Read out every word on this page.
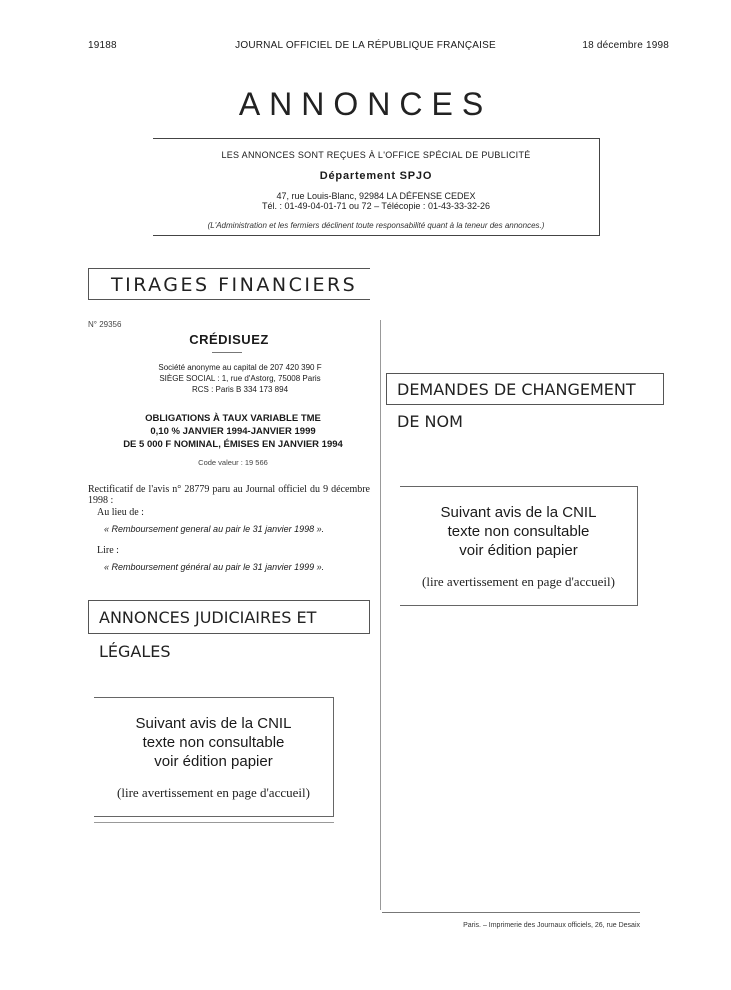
19188	JOURNAL OFFICIEL DE LA RÉPUBLIQUE FRANÇAISE	18 décembre 1998
ANNONCES
LES ANNONCES SONT REÇUES À L'OFFICE SPÉCIAL DE PUBLICITÉ
Département SPJO
47, rue Louis-Blanc, 92984 LA DÉFENSE CEDEX
Tél. : 01-49-04-01-71 ou 72 – Télécopie : 01-43-33-32-26
(L'Administration et les fermiers déclinent toute responsabilité quant à la teneur des annonces.)
TIRAGES FINANCIERS
N° 29356
CRÉDISUEZ
Société anonyme au capital de 207 420 390 F
SIÈGE SOCIAL : 1, rue d'Astorg, 75008 Paris
RCS : Paris B 334 173 894
OBLIGATIONS À TAUX VARIABLE TME
0,10 % JANVIER 1994-JANVIER 1999
DE 5 000 F NOMINAL, ÉMISES EN JANVIER 1994
Code valeur : 19 566
Rectificatif de l'avis n° 28779 paru au Journal officiel du 9 décembre 1998 :
Au lieu de :
« Remboursement general au pair le 31 janvier 1998 ».
Lire :
« Remboursement général au pair le 31 janvier 1999 ».
ANNONCES JUDICIAIRES ET LÉGALES
Suivant avis de la CNIL
texte non consultable
voir édition papier
(lire avertissement en page d'accueil)
DEMANDES DE CHANGEMENT DE NOM
Suivant avis de la CNIL
texte non consultable
voir édition papier
(lire avertissement en page d'accueil)
Paris. – Imprimerie des Journaux officiels, 26, rue Desaix
